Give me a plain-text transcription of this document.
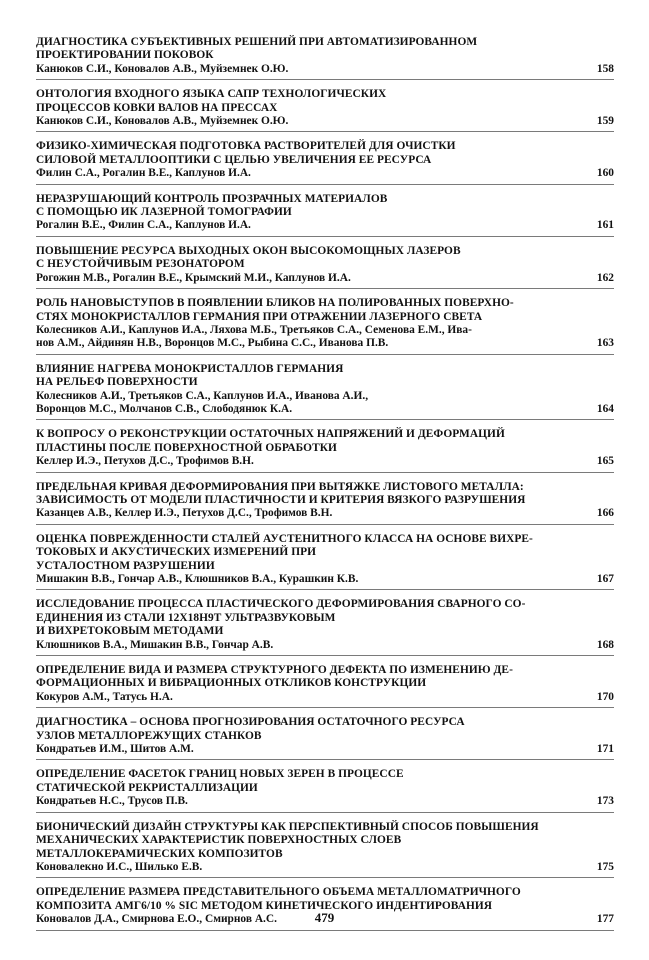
ДИАГНОСТИКА СУБЪЕКТИВНЫХ РЕШЕНИЙ ПРИ АВТОМАТИЗИРОВАННОМ
ПРОЕКТИРОВАНИИ ПОКОВОК
Канюков С.И., Коновалов А.В., Муйземнек О.Ю.	158
ОНТОЛОГИЯ ВХОДНОГО ЯЗЫКА САПР ТЕХНОЛОГИЧЕСКИХ
ПРОЦЕССОВ КОВКИ ВАЛОВ НА ПРЕССАХ
Канюков С.И., Коновалов А.В., Муйземнек О.Ю.	159
ФИЗИКО-ХИМИЧЕСКАЯ ПОДГОТОВКА РАСТВОРИТЕЛЕЙ ДЛЯ ОЧИСТКИ
СИЛОВОЙ МЕТАЛЛООПТИКИ С ЦЕЛЬЮ УВЕЛИЧЕНИЯ ЕЕ РЕСУРСА
Филин С.А., Рогалин В.Е., Каплунов И.А.	160
НЕРАЗРУШАЮЩИЙ КОНТРОЛЬ ПРОЗРАЧНЫХ МАТЕРИАЛОВ
С ПОМОЩЬЮ ИК ЛАЗЕРНОЙ ТОМОГРАФИИ
Рогалин В.Е., Филин С.А., Каплунов И.А.	161
ПОВЫШЕНИЕ РЕСУРСА ВЫХОДНЫХ ОКОН ВЫСОКОМОЩНЫХ ЛАЗЕРОВ
С НЕУСТОЙЧИВЫМ РЕЗОНАТОРОМ
Рогожин М.В., Рогалин В.Е., Крымский М.И., Каплунов И.А.	162
РОЛЬ НАНОВЫСТУПОВ В ПОЯВЛЕНИИ БЛИКОВ НА ПОЛИРОВАННЫХ ПОВЕРХНО-
СТЯХ МОНОКРИСТАЛЛОВ ГЕРМАНИЯ ПРИ ОТРАЖЕНИИ ЛАЗЕРНОГО СВЕТА
Колесников А.И., Каплунов И.А., Ляхова М.Б., Третьяков С.А., Семенова Е.М., Ива-
нов А.М., Айдинян Н.В., Воронцов М.С., Рыбина С.С., Иванова П.В.	163
ВЛИЯНИЕ НАГРЕВА МОНОКРИСТАЛЛОВ ГЕРМАНИЯ
НА РЕЛЬЕФ ПОВЕРХНОСТИ
Колесников А.И., Третьяков С.А., Каплунов И.А., Иванова А.И.,
Воронцов М.С., Молчанов С.В., Слободянюк К.А.	164
К ВОПРОСУ О РЕКОНСТРУКЦИИ ОСТАТОЧНЫХ НАПРЯЖЕНИЙ И ДЕФОРМАЦИЙ
ПЛАСТИНЫ ПОСЛЕ ПОВЕРХНОСТНОЙ ОБРАБОТКИ
Келлер И.Э., Петухов Д.С., Трофимов В.Н.	165
ПРЕДЕЛЬНАЯ КРИВАЯ ДЕФОРМИРОВАНИЯ ПРИ ВЫТЯЖКЕ ЛИСТОВОГО МЕТАЛЛА:
ЗАВИСИМОСТЬ ОТ МОДЕЛИ ПЛАСТИЧНОСТИ И КРИТЕРИЯ ВЯЗКОГО РАЗРУШЕНИЯ
Казанцев А.В., Келлер И.Э., Петухов Д.С., Трофимов В.Н.	166
ОЦЕНКА ПОВРЕЖДЕННОСТИ СТАЛЕЙ АУСТЕНИТНОГО КЛАССА НА ОСНОВЕ ВИХРЕ-
ТОКОВЫХ И АКУСТИЧЕСКИХ ИЗМЕРЕНИЙ ПРИ
УСТАЛОСТНОМ РАЗРУШЕНИИ
Мишакин В.В., Гончар А.В., Клюшников В.А., Курашкин К.В.	167
ИССЛЕДОВАНИЕ ПРОЦЕССА ПЛАСТИЧЕСКОГО ДЕФОРМИРОВАНИЯ СВАРНОГО СО-
ЕДИНЕНИЯ ИЗ СТАЛИ 12Х18Н9Т УЛЬТРАЗВУКОВЫМ
И ВИХРЕТОКОВЫМ МЕТОДАМИ
Клюшников В.А., Мишакин В.В., Гончар А.В.	168
ОПРЕДЕЛЕНИЕ ВИДА И РАЗМЕРА СТРУКТУРНОГО ДЕФЕКТА ПО ИЗМЕНЕНИЮ ДЕ-
ФОРМАЦИОННЫХ И ВИБРАЦИОННЫХ ОТКЛИКОВ КОНСТРУКЦИИ
Кокуров А.М., Татусь Н.А.	170
ДИАГНОСТИКА – ОСНОВА ПРОГНОЗИРОВАНИЯ ОСТАТОЧНОГО РЕСУРСА
УЗЛОВ МЕТАЛЛОРЕЖУЩИХ СТАНКОВ
Кондратьев И.М., Шитов А.М.	171
ОПРЕДЕЛЕНИЕ ФАСЕТОК ГРАНИЦ НОВЫХ ЗЕРЕН В ПРОЦЕССЕ
СТАТИЧЕСКОЙ РЕКРИСТАЛЛИЗАЦИИ
Кондратьев Н.С., Трусов П.В.	173
БИОНИЧЕСКИЙ ДИЗАЙН СТРУКТУРЫ КАК ПЕРСПЕКТИВНЫЙ СПОСОБ ПОВЫШЕНИЯ
МЕХАНИЧЕСКИХ ХАРАКТЕРИСТИК ПОВЕРХНОСТНЫХ СЛОЕВ
МЕТАЛЛОКЕРАМИЧЕСКИХ КОМПОЗИТОВ
Коновалекно И.С., Шилько Е.В.	175
ОПРЕДЕЛЕНИЕ РАЗМЕРА ПРЕДСТАВИТЕЛЬНОГО ОБЪЕМА МЕТАЛЛОМАТРИЧНОГО
КОМПОЗИТА АМГ6/10 % SIC МЕТОДОМ КИНЕТИЧЕСКОГО ИНДЕНТИРОВАНИЯ
Коновалов Д.А., Смирнова Е.О., Смирнов А.С.	177
479
